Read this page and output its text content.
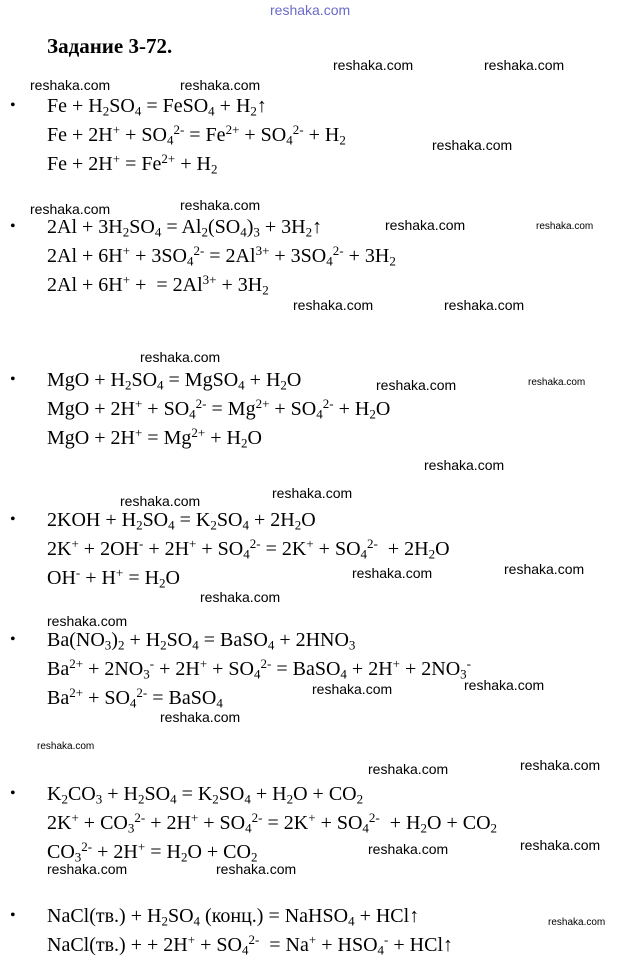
reshaka.com
Задание 3-72.
• $Fe + H_2SO_4$ = FeSO$_4$ + $H_2↑$
$Fe + 2H^+ + SO_4^{2-} = Fe^{2+} + SO_4^{2-} + H_2$
$Fe + 2H^+ = Fe^{2+} + H_2$
• $2Al + 3H_2SO_4 = Al_2(SO_4)_3$ + $3H_2↑$
$2Al + 6H^+ + 3SO_4^{2-} = 2Al^{3+} + 3SO_4^{2-} + 3H_2$
2Al + 6H+ +  = $2Al^{3+} + 3H_2$
• MgO + $H_2SO_4$ = MgSO$_4$ + $H_2O$
MgO + $2H^+ + SO_4^{2-} = Mg^{2+} + SO_4^{2-} + H_2O$
MgO + $2H^+ = Mg^{2+} + H_2O$
• $2KOH + H_2SO_4 = K_2SO_4 + 2H_2O$
$2K^+ + 2OH^- + 2H^+ + SO_4^{2-} = 2K^+ + SO_4^{2-} + 2H_2O$
$OH^- + H^+ = H_2O$
• $Ba(NO_3)_2 + H_2SO_4$ = BaSO$_4$ + $2HNO_3$
$Ba^{2+} + 2NO_3^- + 2H^+ + SO_4^{2-}$ = BaSO$_4$ + $2H^+ + 2NO_3^-$
$Ba^{2+} + SO_4^{2-}$ = BaSO$_4$
• $K_2CO_3 + H_2SO_4 = K_2SO_4 + H_2O + CO_2$
$2K^+ + CO_3^{2-} + 2H^+ + SO_4^{2-} = 2K^+ + SO_4^{2-} + H_2O + CO_2$
$CO_3^{2-} + 2H^+ = H_2O + CO_2$
• NaCl(тв.) + $H_2SO_4$ (конц.) = NaHSO$_4$ + HCl↑
NaCl(тв.) + + $2H^+ + SO_4^{2-} = Na^+ + HSO_4^-$ + HCl↑
reshaka.com	reshaka.com
reshaka.com	reshaka.com
reshaka.com
reshaka.com	reshaka.com
reshaka.com	reshaka.com
reshaka.com	reshaka.com
reshaka.com
reshaka.com	reshaka.com
reshaka.com
reshaka.com	reshaka.com
reshaka.com	reshaka.com
reshaka.com
reshaka.com
reshaka.com	reshaka.com
reshaka.com
reshaka.com
reshaka.com	reshaka.com
reshaka.com	reshaka.com
reshaka.com	reshaka.com
reshaka.com
